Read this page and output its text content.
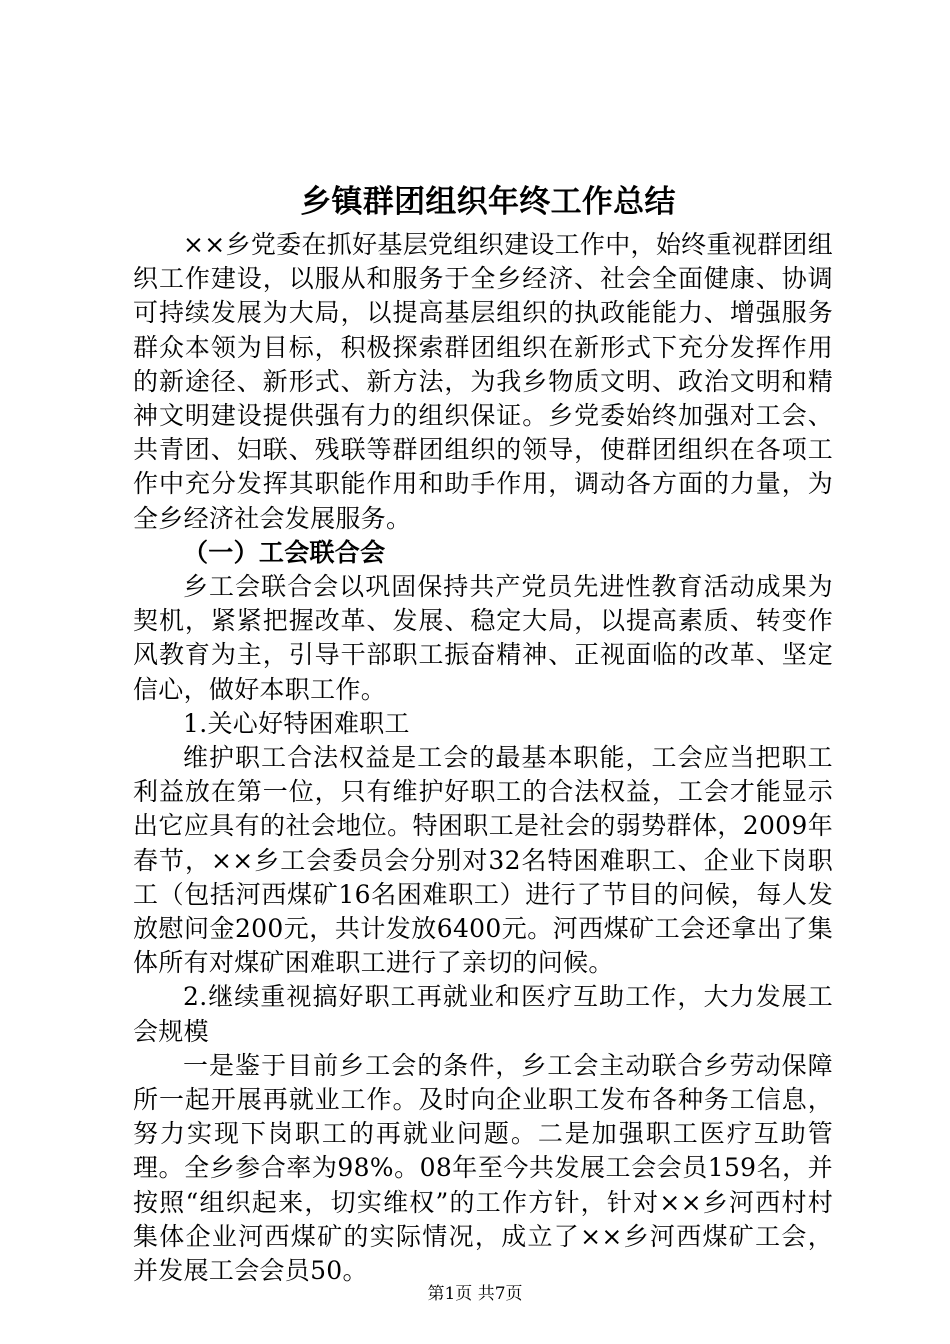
乡镇群团组织年终工作总结

××乡党委在抓好基层党组织建设工作中，始终重视群团组织工作建设，以服从和服务于全乡经济、社会全面健康、协调可持续发展为大局，以提高基层组织的执政能能力、增强服务群众本领为目标，积极探索群团组织在新形式下充分发挥作用的新途径、新形式、新方法，为我乡物质文明、政治文明和精神文明建设提供强有力的组织保证。乡党委始终加强对工会、共青团、妇联、残联等群团组织的领导，使群团组织在各项工作中充分发挥其职能作用和助手作用，调动各方面的力量，为全乡经济社会发展服务。

（一）工会联合会

乡工会联合会以巩固保持共产党员先进性教育活动成果为契机，紧紧把握改革、发展、稳定大局，以提高素质、转变作风教育为主，引导干部职工振奋精神、正视面临的改革、坚定信心，做好本职工作。

1.关心好特困难职工

维护职工合法权益是工会的最基本职能，工会应当把职工利益放在第一位，只有维护好职工的合法权益，工会才能显示出它应具有的社会地位。特困职工是社会的弱势群体，2009年春节，××乡工会委员会分别对32名特困难职工、企业下岗职工（包括河西煤矿16名困难职工）进行了节目的问候，每人发放慰问金200元，共计发放6400元。河西煤矿工会还拿出了集体所有对煤矿困难职工进行了亲切的问候。

2.继续重视搞好职工再就业和医疗互助工作，大力发展工会规模

一是鉴于目前乡工会的条件，乡工会主动联合乡劳动保障所一起开展再就业工作。及时向企业职工发布各种务工信息，努力实现下岗职工的再就业问题。二是加强职工医疗互助管理。全乡参合率为98%。08年至今共发展工会会员159名，并按照“组织起来，切实维权”的工作方针，针对××乡河西村村集体企业河西煤矿的实际情况，成立了××乡河西煤矿工会，并发展工会会员50。

第1页 共7页
